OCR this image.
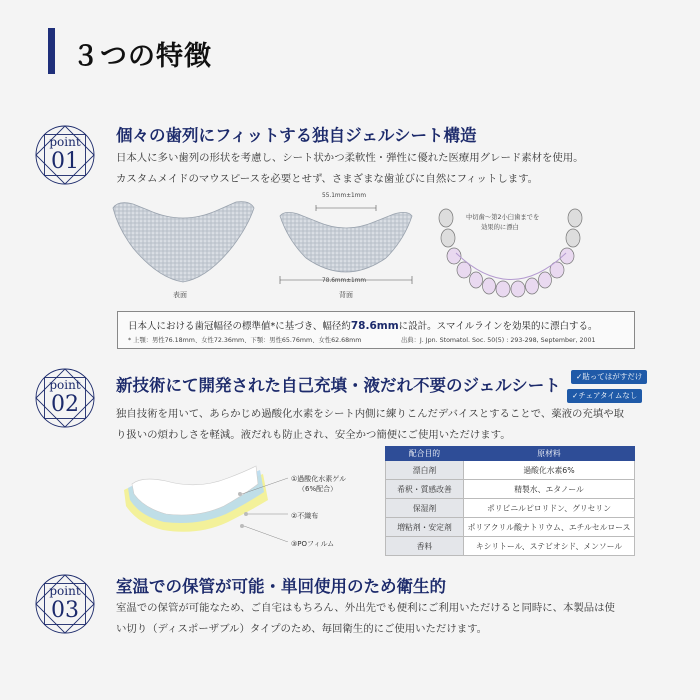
３つの特徴
point
01
個々の歯列にフィットする独自ジェルシート構造
日本人に多い歯列の形状を考慮し、シート状かつ柔軟性・弾性に優れた医療用グレード素材を使用。
カスタムメイドのマウスピースを必要とせず、さまざまな歯並びに自然にフィットします。
表面
55.1mm±1mm
78.6mm±1mm
背面
中切歯～第2小臼歯までを
効果的に漂白
日本人における歯冠幅径の標準値*に基づき、幅径約78.6mmに設計。スマイルラインを効果的に漂白する。
* 上顎：男性76.18mm、女性72.36mm、下顎：男性65.76mm、女性62.68mm	出典：J. Jpn. Stomatol. Soc. 50(5) : 293-298, September, 2001
point
02
新技術にて開発された自己充填・液だれ不要のジェルシート	✓貼ってはがすだけ
✓チェアタイムなし
独自技術を用いて、あらかじめ過酸化水素をシート内側に練りこんだデバイスとすることで、薬液の充填や取
り扱いの煩わしさを軽減。液だれも防止され、安全かつ簡便にご使用いただけます。
①過酸化水素ゲル
（6%配合）
②不織布
③POフィルム
配合目的	原材料
漂白剤	過酸化水素6%
希釈・質感改善	精製水、エタノール
保湿剤	ポリビニルピロリドン、グリセリン
増粘剤・安定剤	ポリアクリル酸ナトリウム、エチルセルロース
香料	キシリトール、ステビオシド、メンソール
point
03
室温での保管が可能・単回使用のため衛生的
室温での保管が可能なため、ご自宅はもちろん、外出先でも便利にご利用いただけると同時に、本製品は使
い切り（ディスポーザブル）タイプのため、毎回衛生的にご使用いただけます。
